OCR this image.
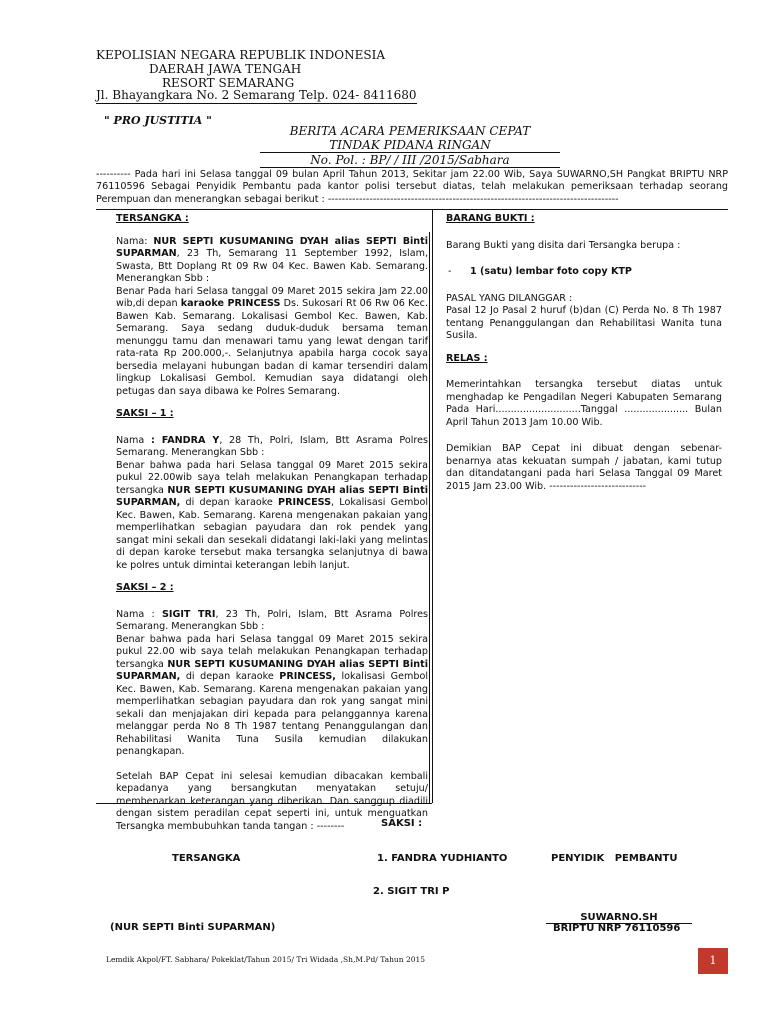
KEPOLISIAN NEGARA REPUBLIK INDONESIA
DAERAH JAWA TENGAH
RESORT SEMARANG
Jl. Bhayangkara No. 2 Semarang Telp. 024- 8411680
" PRO JUSTITIA "
BERITA ACARA PEMERIKSAAN CEPAT
TINDAK PIDANA RINGAN
No. Pol. : BP/ / III /2015/Sabhara
---------- Pada hari ini Selasa tanggal 09 bulan April Tahun 2013, Sekitar jam 22.00 Wib, Saya SUWARNO,SH Pangkat BRIPTU NRP 76110596 Sebagai Penyidik Pembantu pada kantor polisi tersebut diatas, telah melakukan pemeriksaan terhadap seorang Perempuan dan menerangkan sebagai berikut : ------------------------------------------------------------------------------------

TERSANGKA :

Nama: NUR SEPTI KUSUMANING DYAH alias SEPTI Binti SUPARMAN, 23 Th, Semarang 11 September 1992, Islam, Swasta, Btt Doplang Rt 09 Rw 04 Kec. Bawen Kab. Semarang. Menerangkan Sbb :
Benar Pada hari Selasa tanggal 09 Maret 2015 sekira Jam 22.00 wib,di depan karaoke PRINCESS Ds. Sukosari Rt 06 Rw 06 Kec. Bawen Kab. Semarang. Lokalisasi Gembol Kec. Bawen, Kab. Semarang. Saya sedang duduk-duduk bersama teman menunggu tamu dan menawari tamu yang lewat dengan tarif rata-rata Rp 200.000,-. Selanjutnya apabila harga cocok saya bersedia melayani hubungan badan di kamar tersendiri dalam lingkup Lokalisasi Gembol. Kemudian saya didatangi oleh petugas dan saya dibawa ke Polres Semarang.

SAKSI – 1 :

Nama : FANDRA Y, 28 Th, Polri, Islam, Btt Asrama Polres Semarang. Menerangkan Sbb :
Benar bahwa pada hari Selasa tanggal 09 Maret 2015 sekira pukul 22.00wib saya telah melakukan Penangkapan terhadap tersangka NUR SEPTI KUSUMANING DYAH alias SEPTI Binti SUPARMAN, di depan karaoke PRINCESS, Lokalisasi Gembol Kec. Bawen, Kab. Semarang. Karena mengenakan pakaian yang memperlihatkan sebagian payudara dan rok pendek yang sangat mini sekali dan sesekali didatangi laki-laki yang melintas di depan karoke tersebut maka tersangka selanjutnya di bawa ke polres untuk dimintai keterangan lebih lanjut.

SAKSI – 2 :

Nama : SIGIT TRI, 23 Th, Polri, Islam, Btt Asrama Polres Semarang. Menerangkan Sbb :
Benar bahwa pada hari Selasa tanggal 09 Maret 2015 sekira pukul 22.00 wib saya telah melakukan Penangkapan terhadap tersangka NUR SEPTI KUSUMANING DYAH alias SEPTI Binti SUPARMAN, di depan karaoke PRINCESS, lokalisasi Gembol Kec. Bawen, Kab. Semarang. Karena mengenakan pakaian yang memperlihatkan sebagian payudara dan rok yang sangat mini sekali dan menjajakan diri kepada para pelanggannya karena melanggar perda No 8 Th 1987 tentang Penanggulangan dan Rehabilitasi Wanita Tuna Susila kemudian dilakukan penangkapan.

Setelah BAP Cepat ini selesai kemudian dibacakan kembali kepadanya yang bersangkutan menyatakan setuju/ membenarkan keterangan yang diberikan. Dan sanggup diadili dengan sistem peradilan cepat seperti ini, untuk menguatkan Tersangka membubuhkan tanda tangan : --------

BARANG BUKTI :

Barang Bukti yang disita dari Tersangka berupa :

- 1 (satu) lembar foto copy KTP

PASAL YANG DILANGGAR :

Pasal 12 Jo Pasal 2 huruf (b)dan (C) Perda No. 8 Th 1987 tentang Penanggulangan dan Rehabilitasi Wanita tuna Susila.

RELAS :

Memerintahkan tersangka tersebut diatas untuk menghadap ke Pengadilan Negeri Kabupaten Semarang Pada Hari............................Tanggal ..................... Bulan April Tahun 2013 Jam 10.00 Wib.

Demikian BAP Cepat ini dibuat dengan sebenar-benarnya atas kekuatan sumpah / jabatan, kami tutup dan ditandatangani pada hari Selasa Tanggal 09 Maret 2015 Jam 23.00 Wib. ----------------------------

SAKSI :
TERSANGKA	1. FANDRA YUDHIANTO	PENYIDIK   PEMBANTU
2. SIGIT TRI P
(NUR SEPTI Binti SUPARMAN)
SUWARNO.SH
BRIPTU NRP 76110596
Lemdik Akpol/FT. Sabhara/ Pokeklat/Tahun 2015/ Tri Widada ,Sh,M.Pd/ Tahun 2015	1
